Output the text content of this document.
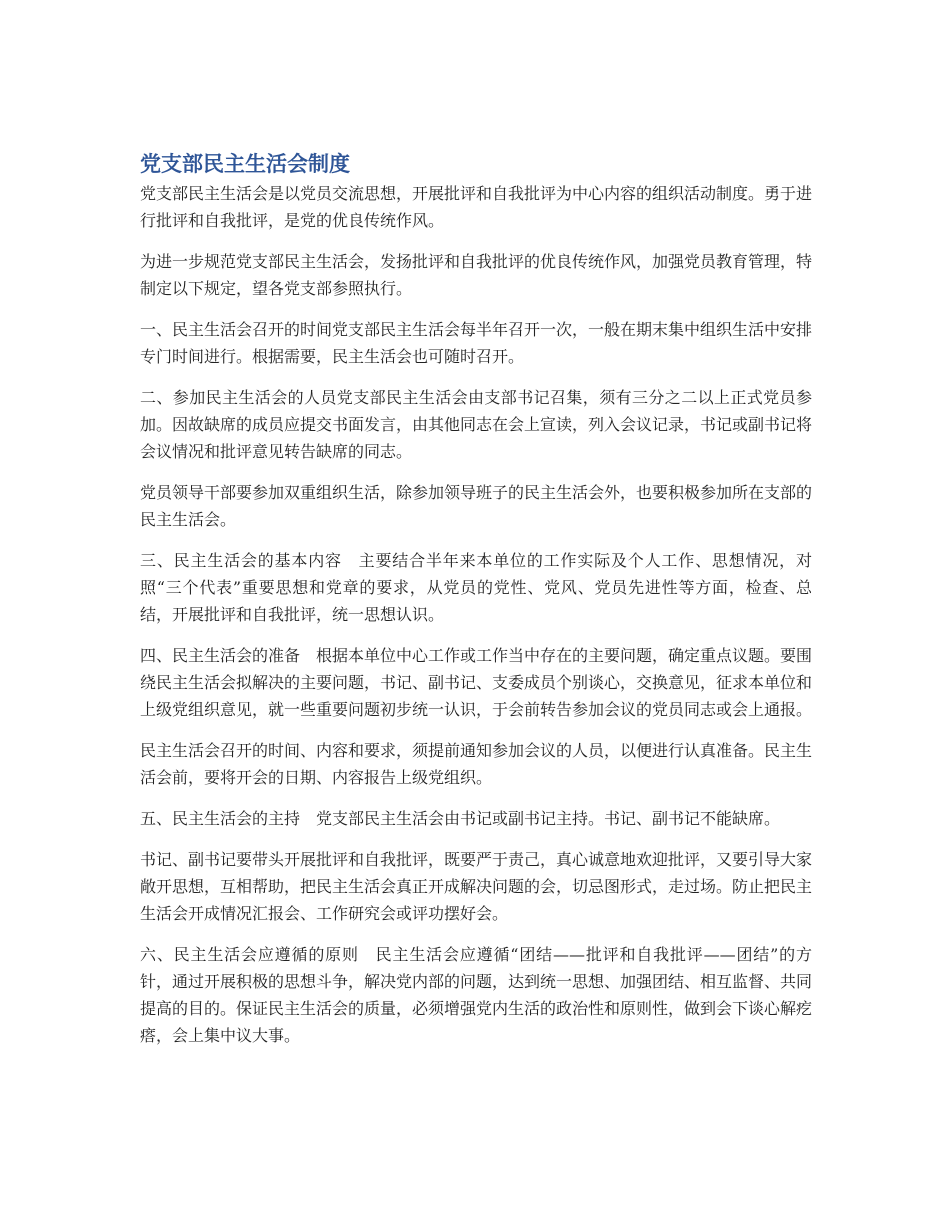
党支部民主生活会制度

党支部民主生活会是以党员交流思想，开展批评和自我批评为中心内容的组织活动制度。勇于进行批评和自我批评，是党的优良传统作风。

为进一步规范党支部民主生活会，发扬批评和自我批评的优良传统作风，加强党员教育管理，特制定以下规定，望各党支部参照执行。

一、民主生活会召开的时间党支部民主生活会每半年召开一次，一般在期末集中组织生活中安排专门时间进行。根据需要，民主生活会也可随时召开。

二、参加民主生活会的人员党支部民主生活会由支部书记召集，须有三分之二以上正式党员参加。因故缺席的成员应提交书面发言，由其他同志在会上宣读，列入会议记录，书记或副书记将会议情况和批评意见转告缺席的同志。

党员领导干部要参加双重组织生活，除参加领导班子的民主生活会外，也要积极参加所在支部的民主生活会。

三、民主生活会的基本内容　主要结合半年来本单位的工作实际及个人工作、思想情况，对照“三个代表”重要思想和党章的要求，从党员的党性、党风、党员先进性等方面，检查、总结，开展批评和自我批评，统一思想认识。

四、民主生活会的准备　根据本单位中心工作或工作当中存在的主要问题，确定重点议题。要围绕民主生活会拟解决的主要问题，书记、副书记、支委成员个别谈心，交换意见，征求本单位和上级党组织意见，就一些重要问题初步统一认识，于会前转告参加会议的党员同志或会上通报。

民主生活会召开的时间、内容和要求，须提前通知参加会议的人员，以便进行认真准备。民主生活会前，要将开会的日期、内容报告上级党组织。

五、民主生活会的主持　党支部民主生活会由书记或副书记主持。书记、副书记不能缺席。

书记、副书记要带头开展批评和自我批评，既要严于责己，真心诚意地欢迎批评，又要引导大家敞开思想，互相帮助，把民主生活会真正开成解决问题的会，切忌图形式，走过场。防止把民主生活会开成情况汇报会、工作研究会或评功摆好会。

六、民主生活会应遵循的原则　民主生活会应遵循“团结——批评和自我批评——团结”的方针，通过开展积极的思想斗争，解决党内部的问题，达到统一思想、加强团结、相互监督、共同提高的目的。保证民主生活会的质量，必须增强党内生活的政治性和原则性，做到会下谈心解疙瘩，会上集中议大事。
